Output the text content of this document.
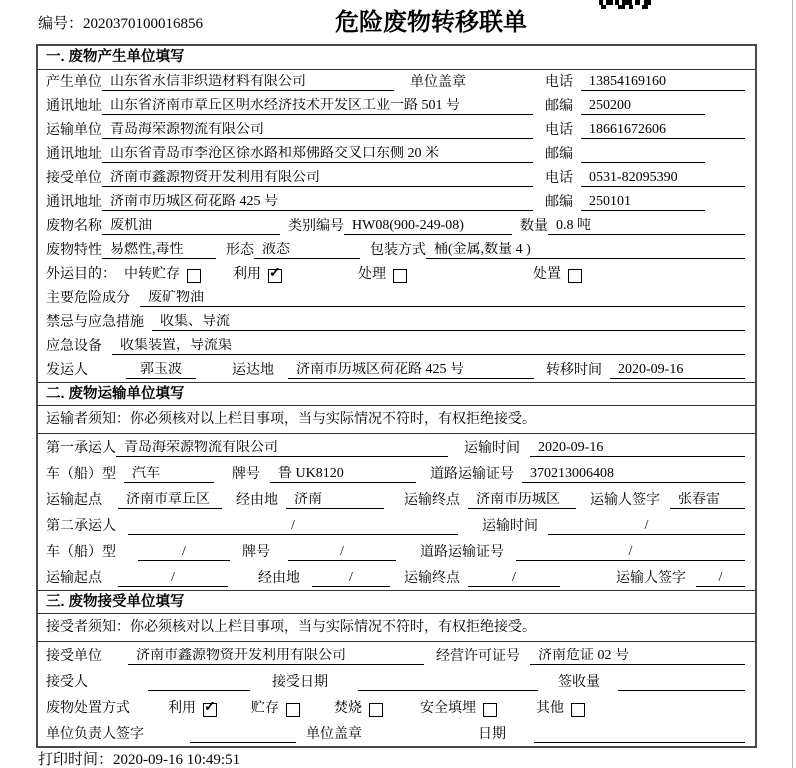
编号：2020370100016856	危险废物转移联单
一. 废物产生单位填写
产生单位 山东省永信非织造材料有限公司	单位盖章	电话	13854169160
通讯地址 山东省济南市章丘区明水经济技术开发区工业一路 501 号	邮编	250200
运输单位 青岛海荣源物流有限公司	电话	18661672606
通讯地址 山东省青岛市李沧区徐水路和郑佛路交叉口东侧 20 米	邮编
接受单位 济南市鑫源物资开发利用有限公司	电话	0531-82095390
通讯地址 济南市历城区荷花路 425 号	邮编	250101
废物名称 废机油	类别编号 HW08(900-249-08)	数量 0.8 吨
废物特性 易燃性,毒性	形态 液态	包装方式 桶(金属,数量 4 )
外运目的： 中转贮存	利用 ✓	处理	处置
主要危险成分	废矿物油
禁忌与应急措施	收集、导流
应急设备	收集装置，导流渠
发运人	郭玉波	运达地	济南市历城区荷花路 425 号	转移时间	2020-09-16
二. 废物运输单位填写
运输者须知：你必须核对以上栏目事项，当与实际情况不符时，有权拒绝接受。
第一承运人 青岛海荣源物流有限公司	运输时间	2020-09-16
车（船）型	汽车	牌号	鲁 UK8120	道路运输证号	370213006408
运输起点	济南市章丘区	经由地	济南	运输终点	济南市历城区	运输人签字	张春雷
第二承运人	/	运输时间	/
车（船）型	/	牌号	/	道路运输证号	/
运输起点	/	经由地	/	运输终点	/	运输人签字	/
三. 废物接受单位填写
接受者须知：你必须核对以上栏目事项，当与实际情况不符时，有权拒绝接受。
接受单位	济南市鑫源物资开发利用有限公司	经营许可证号	济南危证 02 号
接受人	接受日期	签收量
废物处置方式	利用 ✓	贮存	焚烧	安全填埋	其他
单位负责人签字	单位盖章	日期
打印时间：2020-09-16 10:49:51
